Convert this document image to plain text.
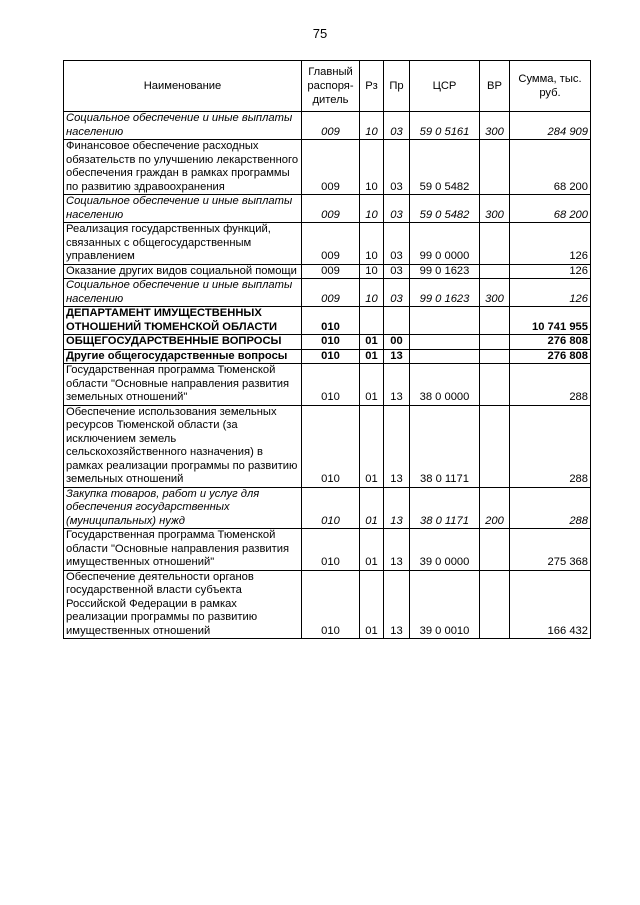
75
Наименование	Главный распоря-дитель	Рз	Пр	ЦСР	ВР	Сумма, тыс. руб.
Социальное обеспечение и иные выплаты населению	009	10	03	59 0 5161	300	284 909
Финансовое обеспечение расходных обязательств по улучшению лекарственного обеспечения граждан в рамках программы по развитию здравоохранения	009	10	03	59 0 5482		68 200
Социальное обеспечение и иные выплаты населению	009	10	03	59 0 5482	300	68 200
Реализация государственных функций, связанных с общегосударственным управлением	009	10	03	99 0 0000		126
Оказание других видов социальной помощи	009	10	03	99 0 1623		126
Социальное обеспечение и иные выплаты населению	009	10	03	99 0 1623	300	126
ДЕПАРТАМЕНТ ИМУЩЕСТВЕННЫХ ОТНОШЕНИЙ ТЮМЕНСКОЙ ОБЛАСТИ	010					10 741 955
ОБЩЕГОСУДАРСТВЕННЫЕ ВОПРОСЫ	010	01	00			276 808
Другие общегосударственные вопросы	010	01	13			276 808
Государственная программа Тюменской области "Основные направления развития земельных отношений"	010	01	13	38 0 0000		288
Обеспечение использования земельных ресурсов Тюменской области (за исключением земель сельскохозяйственного назначения) в рамках реализации программы по развитию земельных отношений	010	01	13	38 0 1171		288
Закупка товаров, работ и услуг для обеспечения государственных (муниципальных) нужд	010	01	13	38 0 1171	200	288
Государственная программа Тюменской области "Основные направления развития имущественных отношений"	010	01	13	39 0 0000		275 368
Обеспечение деятельности органов государственной власти субъекта Российской Федерации в рамках реализации программы по развитию имущественных отношений	010	01	13	39 0 0010		166 432
